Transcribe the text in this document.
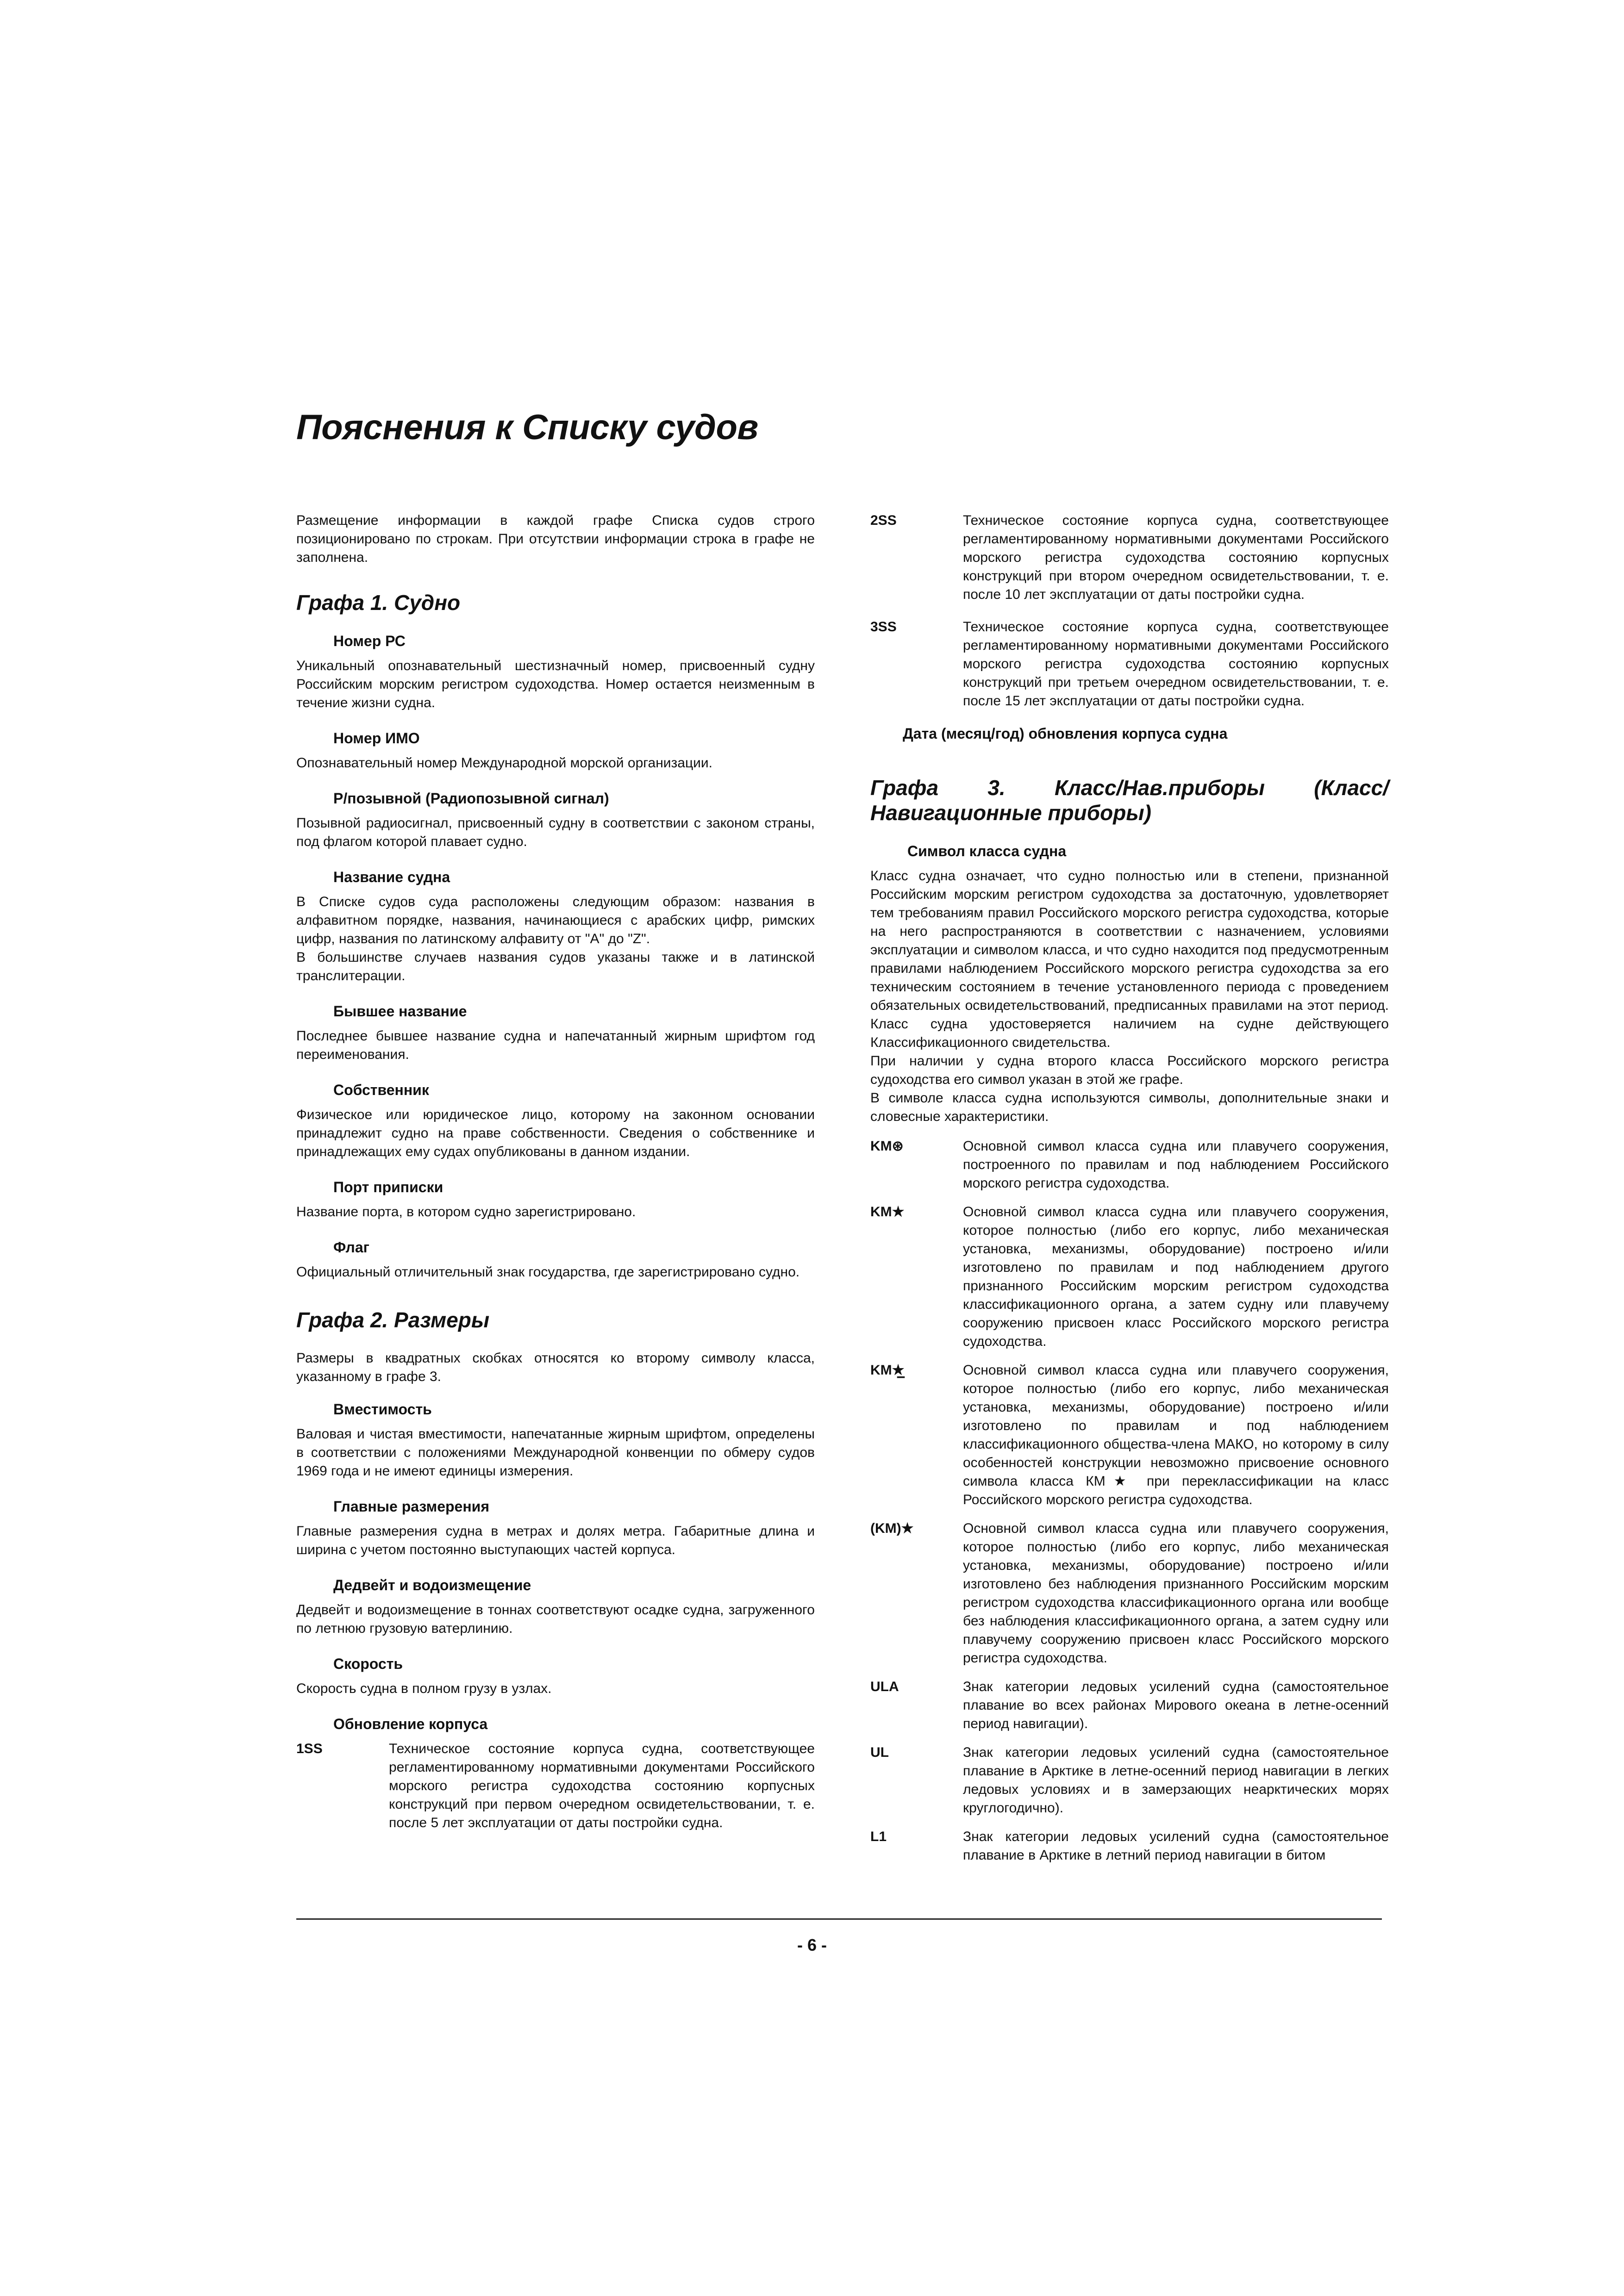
Пояснения к Списку судов

Размещение информации в каждой графе Списка судов строго позиционировано по строкам. При отсутствии информации строка в графе не заполнена.

Графа 1. Судно
Номер РС

Уникальный опознавательный шестизначный номер, присвоенный судну Российским морским регистром судоходства. Номер остается неизменным в течение жизни судна.

Номер ИМО

Опознавательный номер Международной морской организации.

Р/позывной (Радиопозывной сигнал)

Позывной радиосигнал, присвоенный судну в соответствии с законом страны, под флагом которой плавает судно.

Название судна

В Списке судов суда расположены следующим образом: названия в алфавитном порядке, названия, начинающиеся с арабских цифр, римских цифр, названия по латинскому алфавиту от "A" до "Z".

В большинстве случаев названия судов указаны также и в латинской транслитерации.

Бывшее название

Последнее бывшее название судна и напечатанный жирным шрифтом год переименования.

Собственник

Физическое или юридическое лицо, которому на законном основании принадлежит судно на праве собственности. Сведения о собственнике и принадлежащих ему судах опубликованы в данном издании.

Порт приписки

Название порта, в котором судно зарегистрировано.

Флаг

Официальный отличительный знак государства, где зарегистрировано судно.

Графа 2. Размеры

Размеры в квадратных скобках относятся ко второму символу класса, указанному в графе 3.

Вместимость

Валовая и чистая вместимости, напечатанные жирным шрифтом, определены в соответствии с положениями Международной конвенции по обмеру судов 1969 года и не имеют единицы измерения.

Главные размерения

Главные размерения судна в метрах и долях метра. Габаритные длина и ширина с учетом постоянно выступающих частей корпуса.

Дедвейт и водоизмещение

Дедвейт и водоизмещение в тоннах соответствуют осадке судна, загруженного по летнюю грузовую ватерлинию.

Скорость

Скорость судна в полном грузу в узлах.

Обновление корпуса
1SS	Техническое состояние корпуса судна, соответствующее регламентированному нормативными документами Российского морского регистра судоходства состоянию корпусных конструкций при первом очередном освидетельствовании, т. е. после 5 лет эксплуатации от даты постройки судна.
2SS	Техническое состояние корпуса судна, соответствующее регламентированному нормативными документами Российского морского регистра судоходства состоянию корпусных конструкций при втором очередном освидетельствовании, т. е. после 10 лет эксплуатации от даты постройки судна.
3SS	Техническое состояние корпуса судна, соответствующее регламентированному нормативными документами Российского морского регистра судоходства состоянию корпусных конструкций при третьем очередном освидетельствовании, т. е. после 15 лет эксплуатации от даты постройки судна.
Дата (месяц/год) обновления корпуса судна
Графа 3. Класс/Нав.приборы (Класс/Навигационные приборы)
Символ класса судна

Класс судна означает, что судно полностью или в степени, признанной Российским морским регистром судоходства за достаточную, удовлетворяет тем требованиям правил Российского морского регистра судоходства, которые на него распространяются в соответствии с назначением, условиями эксплуатации и символом класса, и что судно находится под предусмотренным правилами наблюдением Российского морского регистра судоходства за его техническим состоянием в течение установленного периода с проведением обязательных освидетельствований, предписанных правилами на этот период. Класс судна удостоверяется наличием на судне действующего Классификационного свидетельства.

При наличии у судна второго класса Российского морского регистра судоходства его символ указан в этой же графе.

В символе класса судна используются символы, дополнительные знаки и словесные характеристики.

KM⊛	Основной символ класса судна или плавучего сооружения, построенного по правилам и под наблюдением Российского морского регистра судоходства.
KM★	Основной символ класса судна или плавучего сооружения, которое полностью (либо его корпус, либо механическая установка, механизмы, оборудование) построено и/или изготовлено по правилам и под наблюдением другого признанного Российским морским регистром судоходства классификационного органа, а затем судну или плавучему сооружению присвоен класс Российского морского регистра судоходства.
KM★̲	Основной символ класса судна или плавучего сооружения, которое полностью (либо его корпус, либо механическая установка, механизмы, оборудование) построено и/или изготовлено по правилам и под наблюдением классификационного общества-члена МАКО, но которому в силу особенностей конструкции невозможно присвоение основного символа класса КМ★ при переклассификации на класс Российского морского регистра судоходства.
(KM)★	Основной символ класса судна или плавучего сооружения, которое полностью (либо его корпус, либо механическая установка, механизмы, оборудование) построено и/или изготовлено без наблюдения признанного Российским морским регистром судоходства классификационного органа или вообще без наблюдения классификационного органа, а затем судну или плавучему сооружению присвоен класс Российского морского регистра судоходства.
ULA	Знак категории ледовых усилений судна (самостоятельное плавание во всех районах Мирового океана в летне-осенний период навигации).
UL	Знак категории ледовых усилений судна (самостоятельное плавание в Арктике в летне-осенний период навигации в легких ледовых условиях и в замерзающих неарктических морях круглогодично).
L1	Знак категории ледовых усилений судна (самостоятельное плавание в Арктике в летний период навигации в битом
- 6 -
